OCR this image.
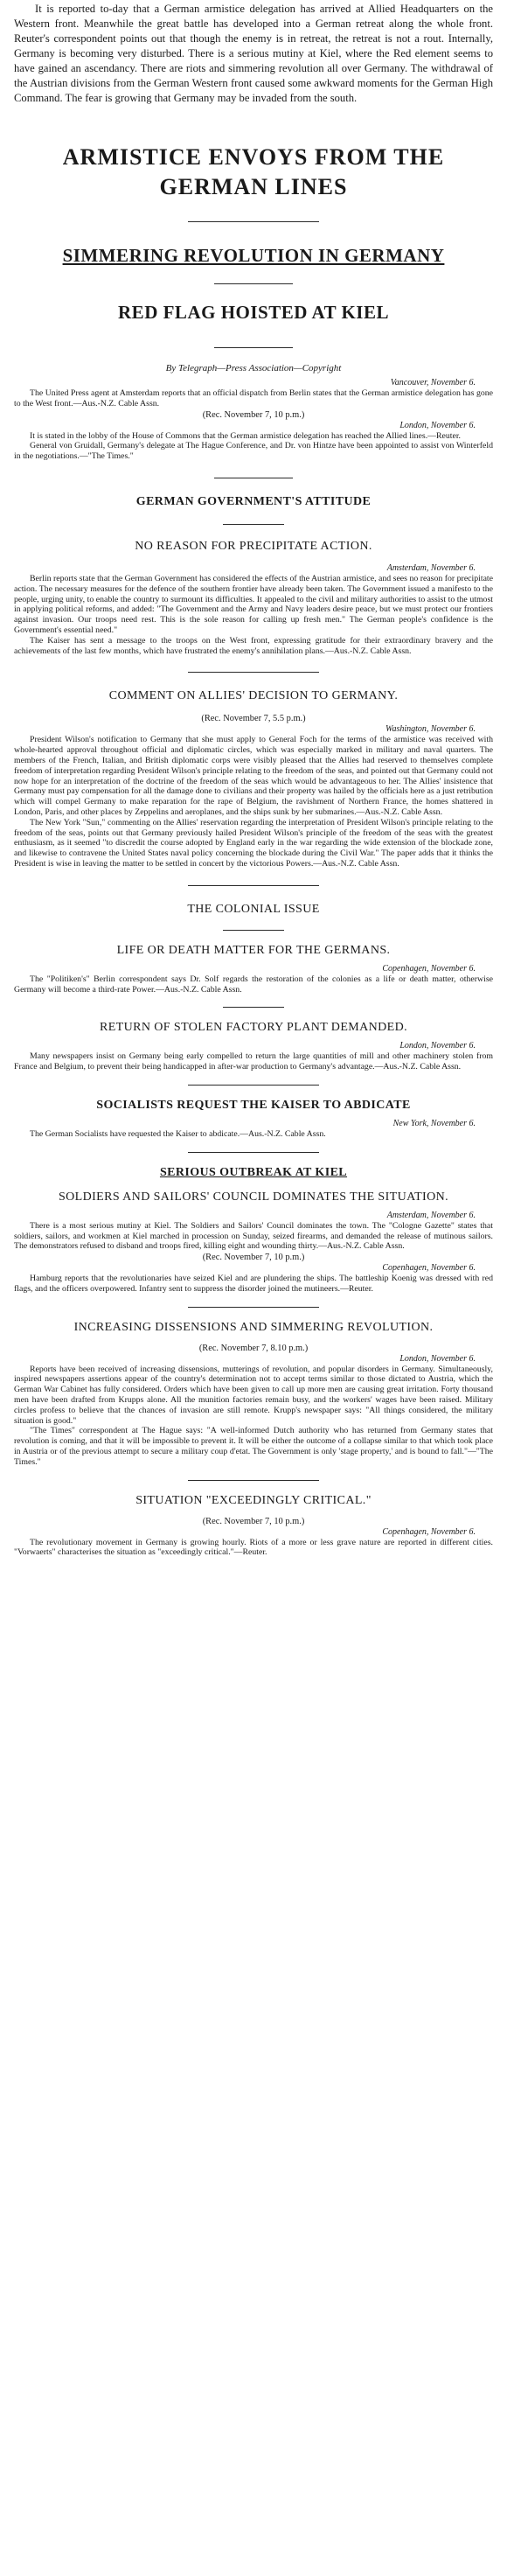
It is reported to-day that a German armistice delegation has arrived at Allied Headquarters on the Western front. Meanwhile the great battle has developed into a German retreat along the whole front. Reuter's correspondent points out that though the enemy is in retreat, the retreat is not a rout. Internally, Germany is becoming very disturbed. There is a serious mutiny at Kiel, where the Red element seems to have gained an ascendancy. There are riots and simmering revolution all over Germany. The withdrawal of the Austrian divisions from the German Western front caused some awkward moments for the German High Command. The fear is growing that Germany may be invaded from the south.

ARMISTICE ENVOYS FROM THE GERMAN LINES
SIMMERING REVOLUTION IN GERMANY
RED FLAG HOISTED AT KIEL
By Telegraph—Press Association—Copyright
Vancouver, November 6.

The United Press agent at Amsterdam reports that an official dispatch from Berlin states that the German armistice delegation has gone to the West front.—Aus.-N.Z. Cable Assn.

(Rec. November 7, 10 p.m.)
London, November 6.

It is stated in the lobby of the House of Commons that the German armistice delegation has reached the Allied lines.—Reuter.

General von Gruidall, Germany's delegate at The Hague Conference, and Dr. von Hintze have been appointed to assist von Winterfeld in the negotiations.—"The Times."

GERMAN GOVERNMENT'S ATTITUDE
NO REASON FOR PRECIPITATE ACTION.
Amsterdam, November 6.

Berlin reports state that the German Government has considered the effects of the Austrian armistice, and sees no reason for precipitate action. The necessary measures for the defence of the southern frontier have already been taken. The Government issued a manifesto to the people, urging unity, to enable the country to surmount its difficulties. It appealed to the civil and military authorities to assist to the utmost in applying political reforms, and added: "The Government and the Army and Navy leaders desire peace, but we must protect our frontiers against invasion. Our troops need rest. This is the sole reason for calling up fresh men." The German people's confidence is the Government's essential need."

The Kaiser has sent a message to the troops on the West front, expressing gratitude for their extraordinary bravery and the achievements of the last few months, which have frustrated the enemy's annihilation plans.—Aus.-N.Z. Cable Assn.

COMMENT ON ALLIES' DECISION TO GERMANY.
(Rec. November 7, 5.5 p.m.)
Washington, November 6.

President Wilson's notification to Germany that she must apply to General Foch for the terms of the armistice was received with whole-hearted approval throughout official and diplomatic circles, which was especially marked in military and naval quarters. The members of the French, Italian, and British diplomatic corps were visibly pleased that the Allies had reserved to themselves complete freedom of interpretation regarding President Wilson's principle relating to the freedom of the seas, and pointed out that Germany could not now hope for an interpretation of the doctrine of the freedom of the seas which would be advantageous to her. The Allies' insistence that Germany must pay compensation for all the damage done to civilians and their property was hailed by the officials here as a just retribution which will compel Germany to make reparation for the rape of Belgium, the ravishment of Northern France, the homes shattered in London, Paris, and other places by Zeppelins and aeroplanes, and the ships sunk by her submarines.—Aus.-N.Z. Cable Assn.

The New York "Sun," commenting on the Allies' reservation regarding the interpretation of President Wilson's principle relating to the freedom of the seas, points out that Germany previously hailed President Wilson's principle of the freedom of the seas with the greatest enthusiasm, as it seemed "to discredit the course adopted by England early in the war regarding the wide extension of the blockade zone, and likewise to contravene the United States naval policy concerning the blockade during the Civil War." The paper adds that it thinks the President is wise in leaving the matter to be settled in concert by the victorious Powers.—Aus.-N.Z. Cable Assn.

THE COLONIAL ISSUE
LIFE OR DEATH MATTER FOR THE GERMANS.
Copenhagen, November 6.

The "Politiken's" Berlin correspondent says Dr. Solf regards the restoration of the colonies as a life or death matter, otherwise Germany will become a third-rate Power.—Aus.-N.Z. Cable Assn.

RETURN OF STOLEN FACTORY PLANT DEMANDED.
London, November 6.

Many newspapers insist on Germany being early compelled to return the large quantities of mill and other machinery stolen from France and Belgium, to prevent their being handicapped in after-war production to Germany's advantage.—Aus.-N.Z. Cable Assn.

SOCIALISTS REQUEST THE KAISER TO ABDICATE
New York, November 6.

The German Socialists have requested the Kaiser to abdicate.—Aus.-N.Z. Cable Assn.

SERIOUS OUTBREAK AT KIEL
SOLDIERS AND SAILORS' COUNCIL DOMINATES THE SITUATION.
Amsterdam, November 6.

There is a most serious mutiny at Kiel. The Soldiers and Sailors' Council dominates the town. The "Cologne Gazette" states that soldiers, sailors, and workmen at Kiel marched in procession on Sunday, seized firearms, and demanded the release of mutinous sailors. The demonstrators refused to disband and troops fired, killing eight and wounding thirty.—Aus.-N.Z. Cable Assn.

(Rec. November 7, 10 p.m.)
Copenhagen, November 6.

Hamburg reports that the revolutionaries have seized Kiel and are plundering the ships. The battleship Koenig was dressed with red flags, and the officers overpowered. Infantry sent to suppress the disorder joined the mutineers.—Reuter.

INCREASING DISSENSIONS AND SIMMERING REVOLUTION.
(Rec. November 7, 8.10 p.m.)
London, November 6.

Reports have been received of increasing dissensions, mutterings of revolution, and popular disorders in Germany. Simultaneously, inspired newspapers assertions appear of the country's determination not to accept terms similar to those dictated to Austria, which the German War Cabinet has fully considered. Orders which have been given to call up more men are causing great irritation. Forty thousand men have been drafted from Krupps alone. All the munition factories remain busy, and the workers' wages have been raised. Military circles profess to believe that the chances of invasion are still remote. Krupp's newspaper says: "All things considered, the military situation is good."

"The Times" correspondent at The Hague says: "A well-informed Dutch authority who has returned from Germany states that revolution is coming, and that it will be impossible to prevent it. It will be either the outcome of a collapse similar to that which took place in Austria or of the previous attempt to secure a military coup d'etat. The Government is only 'stage property,' and is bound to fall."—"The Times."

SITUATION "EXCEEDINGLY CRITICAL."
(Rec. November 7, 10 p.m.)
Copenhagen, November 6.

The revolutionary movement in Germany is growing hourly. Riots of a more or less grave nature are reported in different cities. "Vorwaerts" characterises the situation as "exceedingly critical."—Reuter.
